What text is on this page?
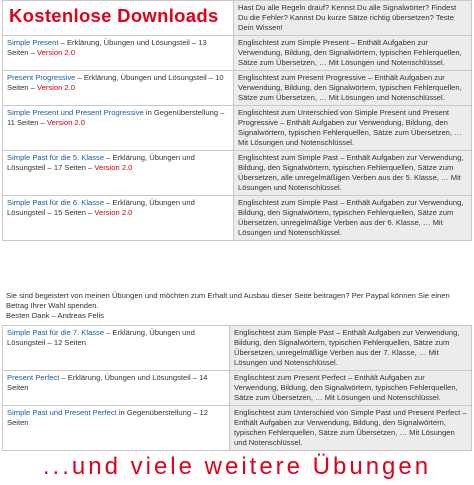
Kostenlose Downloads	Hast Du alle Regeln drauf? Kennst Du alle Signalwörter? Findest Du die Fehler? Kannst Du kurze Sätze richtig übersetzen? Teste Dein Wissen!
Simple Present – Erklärung, Übungen und Lösungsteil – 13 Seiten – Version 2.0	Englischtest zum Simple Present – Enthält Aufgaben zur Verwendung, Bildung, den Signalwörtern, typischen Fehlerquellen, Sätze zum Übersetzen, … Mit Lösungen und Notenschlüssel.
Present Progressive – Erklärung, Übungen und Lösungsteil – 10 Seiten – Version 2.0	Englischtest zum Present Progressive – Enthält Aufgaben zur Verwendung, Bildung, den Signalwörtern, typischen Fehlerquellen, Sätze zum Übersetzen, … Mit Lösungen und Notenschlüssel.
Simple Present und Present Progressive in Gegenüberstellung – 11 Seiten – Version 2.0	Englischtest zum Unterschied von Simple Present und Present Progressive – Enthält Aufgaben zur Verwendung, Bildung, den Signalwörtern, typischen Fehlerquellen, Sätze zum Übersetzen, … Mit Lösungen und Notenschlüssel.
Simple Past für die 5. Klasse – Erklärung, Übungen und Lösungsteil – 17 Seiten – Version 2.0	Englischtest zum Simple Past – Enthält Aufgaben zur Verwendung, Bildung, den Signalwörtern, typischen Fehlerquellen, Sätze zum Übersetzen, alle unregelmäßigen Verben aus der 5. Klasse, … Mit Lösungen und Notenschlüssel.
Simple Past für die 6. Klasse – Erklärung, Übungen und Lösungsteil – 15 Seiten – Version 2.0	Englischtest zum Simple Past – Enthält Aufgaben zur Verwendung, Bildung, den Signalwörtern, typischen Fehlerquellen, Sätze zum Übersetzen, unregelmäßige Verben aus der 6. Klasse, … Mit Lösungen und Notenschlüssel.

Sie sind begeistert von meinen Übungen und möchten zum Erhalt und Ausbau dieser Seite beitragen? Per Paypal können Sie einen Betrag Ihrer Wahl spenden.

Besten Dank – Andreas Felis

Simple Past für die 7. Klasse – Erklärung, Übungen und Lösungsteil – 12 Seiten	Englischtest zum Simple Past – Enthält Aufgaben zur Verwendung, Bildung, den Signalwörtern, typischen Fehlerquellen, Sätze zum Übersetzen, unregelmäßige Verben aus der 7. Klasse, … Mit Lösungen und Notenschlüssel.
Present Perfect – Erklärung, Übungen und Lösungsteil – 14 Seiten	Englischtest zum Present Perfect – Enthält Aufgaben zur Verwendung, Bildung, den Signalwörtern, typischen Fehlerquellen, Sätze zum Übersetzen, … Mit Lösungen und Notenschlüssel.
Simple Past und Present Perfect in Gegenüberstellung – 12 Seiten	Englischtest zum Unterschied von Simple Past und Present Perfect – Enthält Aufgaben zur Verwendung, Bildung, den Signalwörtern, typischen Fehlerquellen, Sätze zum Übersetzen, … Mit Lösungen und Notenschlüssel.
...und viele weitere Übungen
